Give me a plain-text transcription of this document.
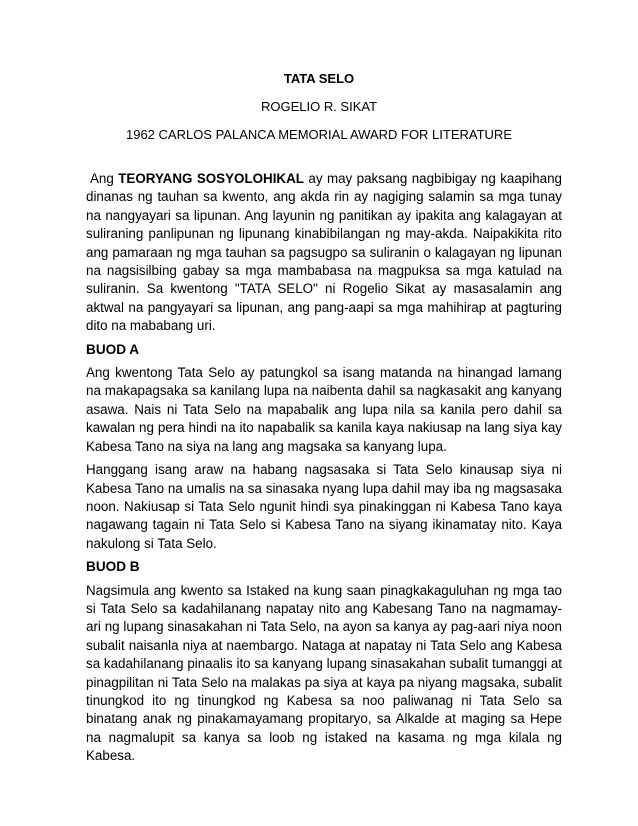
TATA SELO
ROGELIO R. SIKAT
1962 CARLOS PALANCA MEMORIAL AWARD FOR LITERATURE

Ang TEORYANG SOSYOLOHIKAL ay may paksang nagbibigay ng kaapihang dinanas ng tauhan sa kwento, ang akda rin ay nagiging salamin sa mga tunay na nangyayari sa lipunan. Ang layunin ng panitikan ay ipakita ang kalagayan at suliraning panlipunan ng lipunang kinabibilangan ng may-akda. Naipakikita rito ang pamaraan ng mga tauhan sa pagsugpo sa suliranin o kalagayan ng lipunan na nagsisilbing gabay sa mga mambabasa na magpuksa sa mga katulad na suliranin. Sa kwentong "TATA SELO" ni Rogelio Sikat ay masasalamin ang aktwal na pangyayari sa lipunan, ang pang-aapi sa mga mahihirap at pagturing dito na mababang uri.

BUOD A

Ang kwentong Tata Selo ay patungkol sa isang matanda na hinangad lamang na makapagsaka sa kanilang lupa na naibenta dahil sa nagkasakit ang kanyang asawa. Nais ni Tata Selo na mapabalik ang lupa nila sa kanila pero dahil sa kawalan ng pera hindi na ito napabalik sa kanila kaya nakiusap na lang siya kay Kabesa Tano na siya na lang ang magsaka sa kanyang lupa.

Hanggang isang araw na habang nagsasaka si Tata Selo kinausap siya ni Kabesa Tano na umalis na sa sinasaka nyang lupa dahil may iba ng magsasaka noon. Nakiusap si Tata Selo ngunit hindi sya pinakinggan ni Kabesa Tano kaya nagawang tagain ni Tata Selo si Kabesa Tano na siyang ikinamatay nito. Kaya nakulong si Tata Selo.

BUOD B

Nagsimula ang kwento sa Istaked na kung saan pinagkakaguluhan ng mga tao si Tata Selo sa kadahilanang napatay nito ang Kabesang Tano na nagmamay-ari ng lupang sinasakahan ni Tata Selo, na ayon sa kanya ay pag-aari niya noon subalit naisanla niya at naembargo. Nataga at napatay ni Tata Selo ang Kabesa sa kadahilanang pinaalis ito sa kanyang lupang sinasakahan subalit tumanggi at pinagpilitan ni Tata Selo na malakas pa siya at kaya pa niyang magsaka, subalit tinungkod ito ng tinungkod ng Kabesa sa noo paliwanag ni Tata Selo sa binatang anak ng pinakamayamang propitaryo, sa Alkalde at maging sa Hepe na nagmalupit sa kanya sa loob ng istaked na kasama ng mga kilala ng Kabesa.
